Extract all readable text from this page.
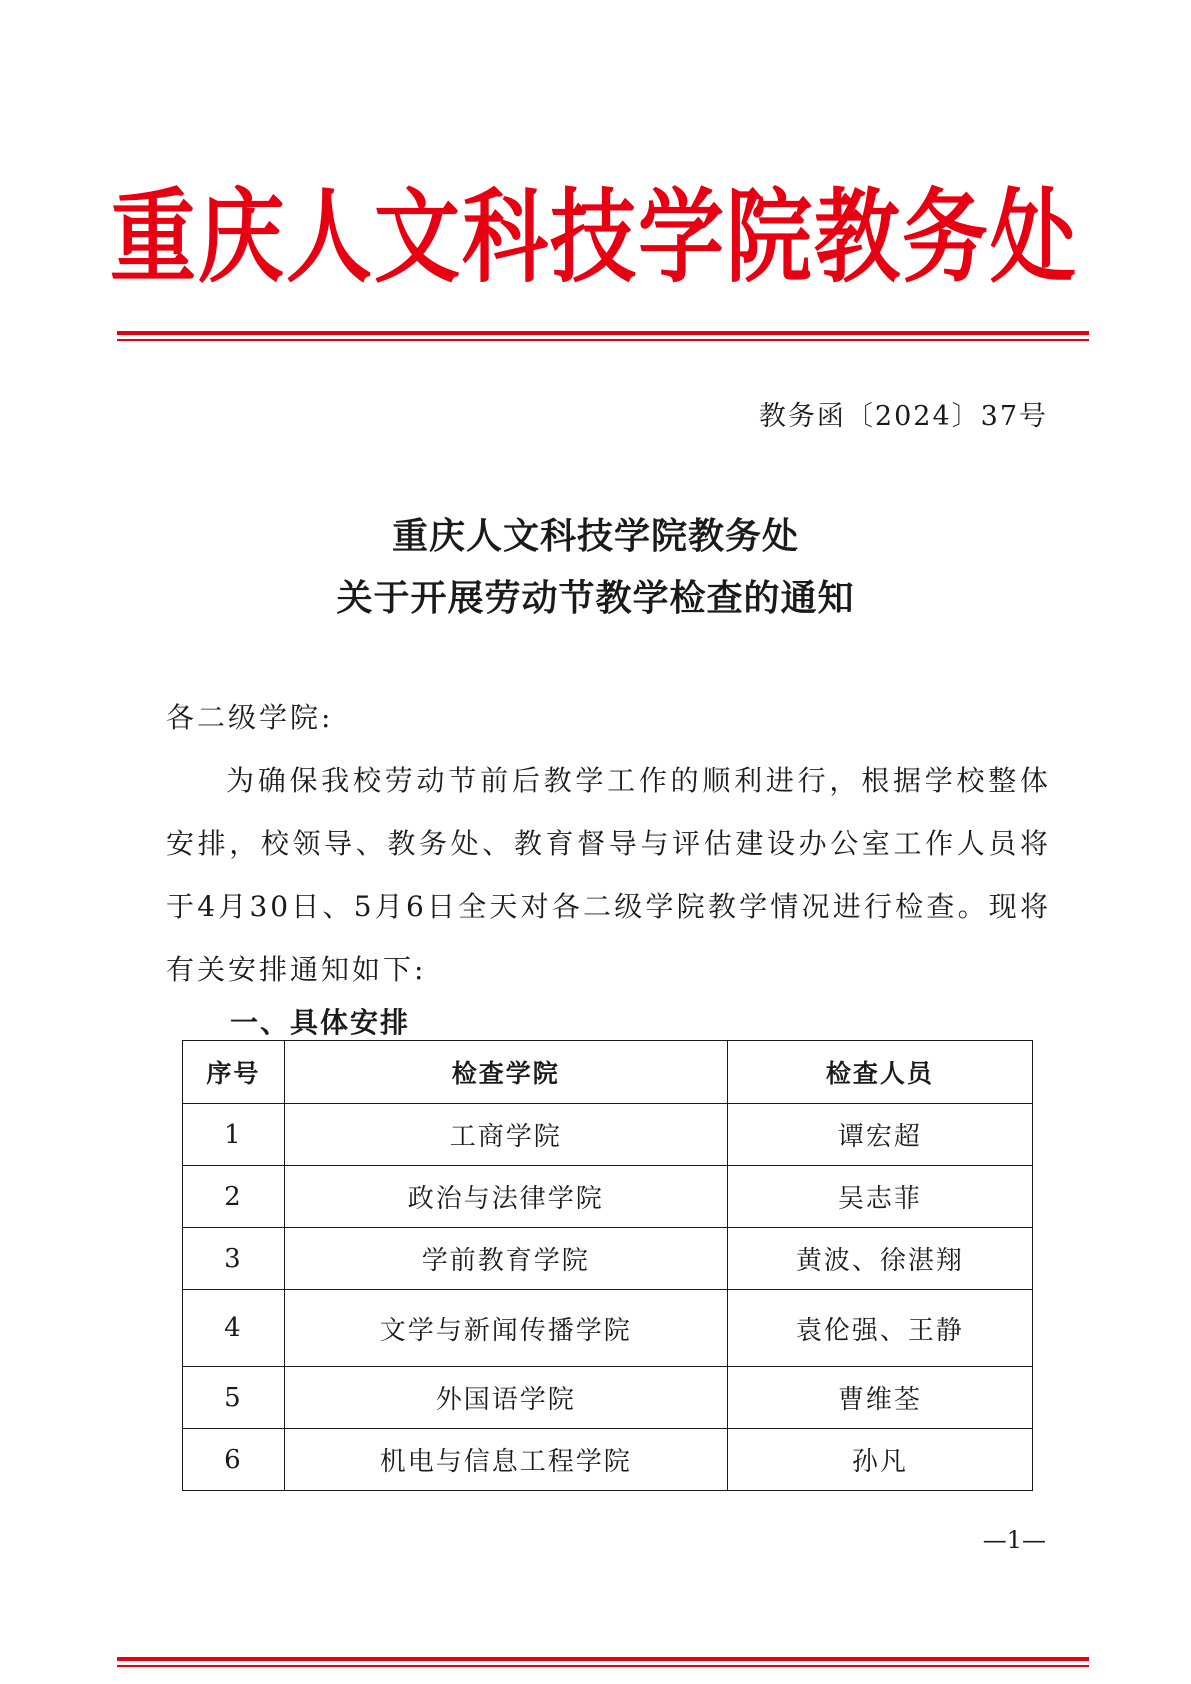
重庆人文科技学院教务处
教务函〔2024〕37号
重庆人文科技学院教务处
关于开展劳动节教学检查的通知
各二级学院:
为确保我校劳动节前后教学工作的顺利进行，根据学校整体安排，校领导、教务处、教育督导与评估建设办公室工作人员将于4月30日、5月6日全天对各二级学院教学情况进行检查。现将有关安排通知如下:
一、具体安排
序号	检查学院	检查人员
1	工商学院	谭宏超
2	政治与法律学院	吴志菲
3	学前教育学院	黄波、徐湛翔
4	文学与新闻传播学院	袁伦强、王静
5	外国语学院	曹维荃
6	机电与信息工程学院	孙凡
—1—
